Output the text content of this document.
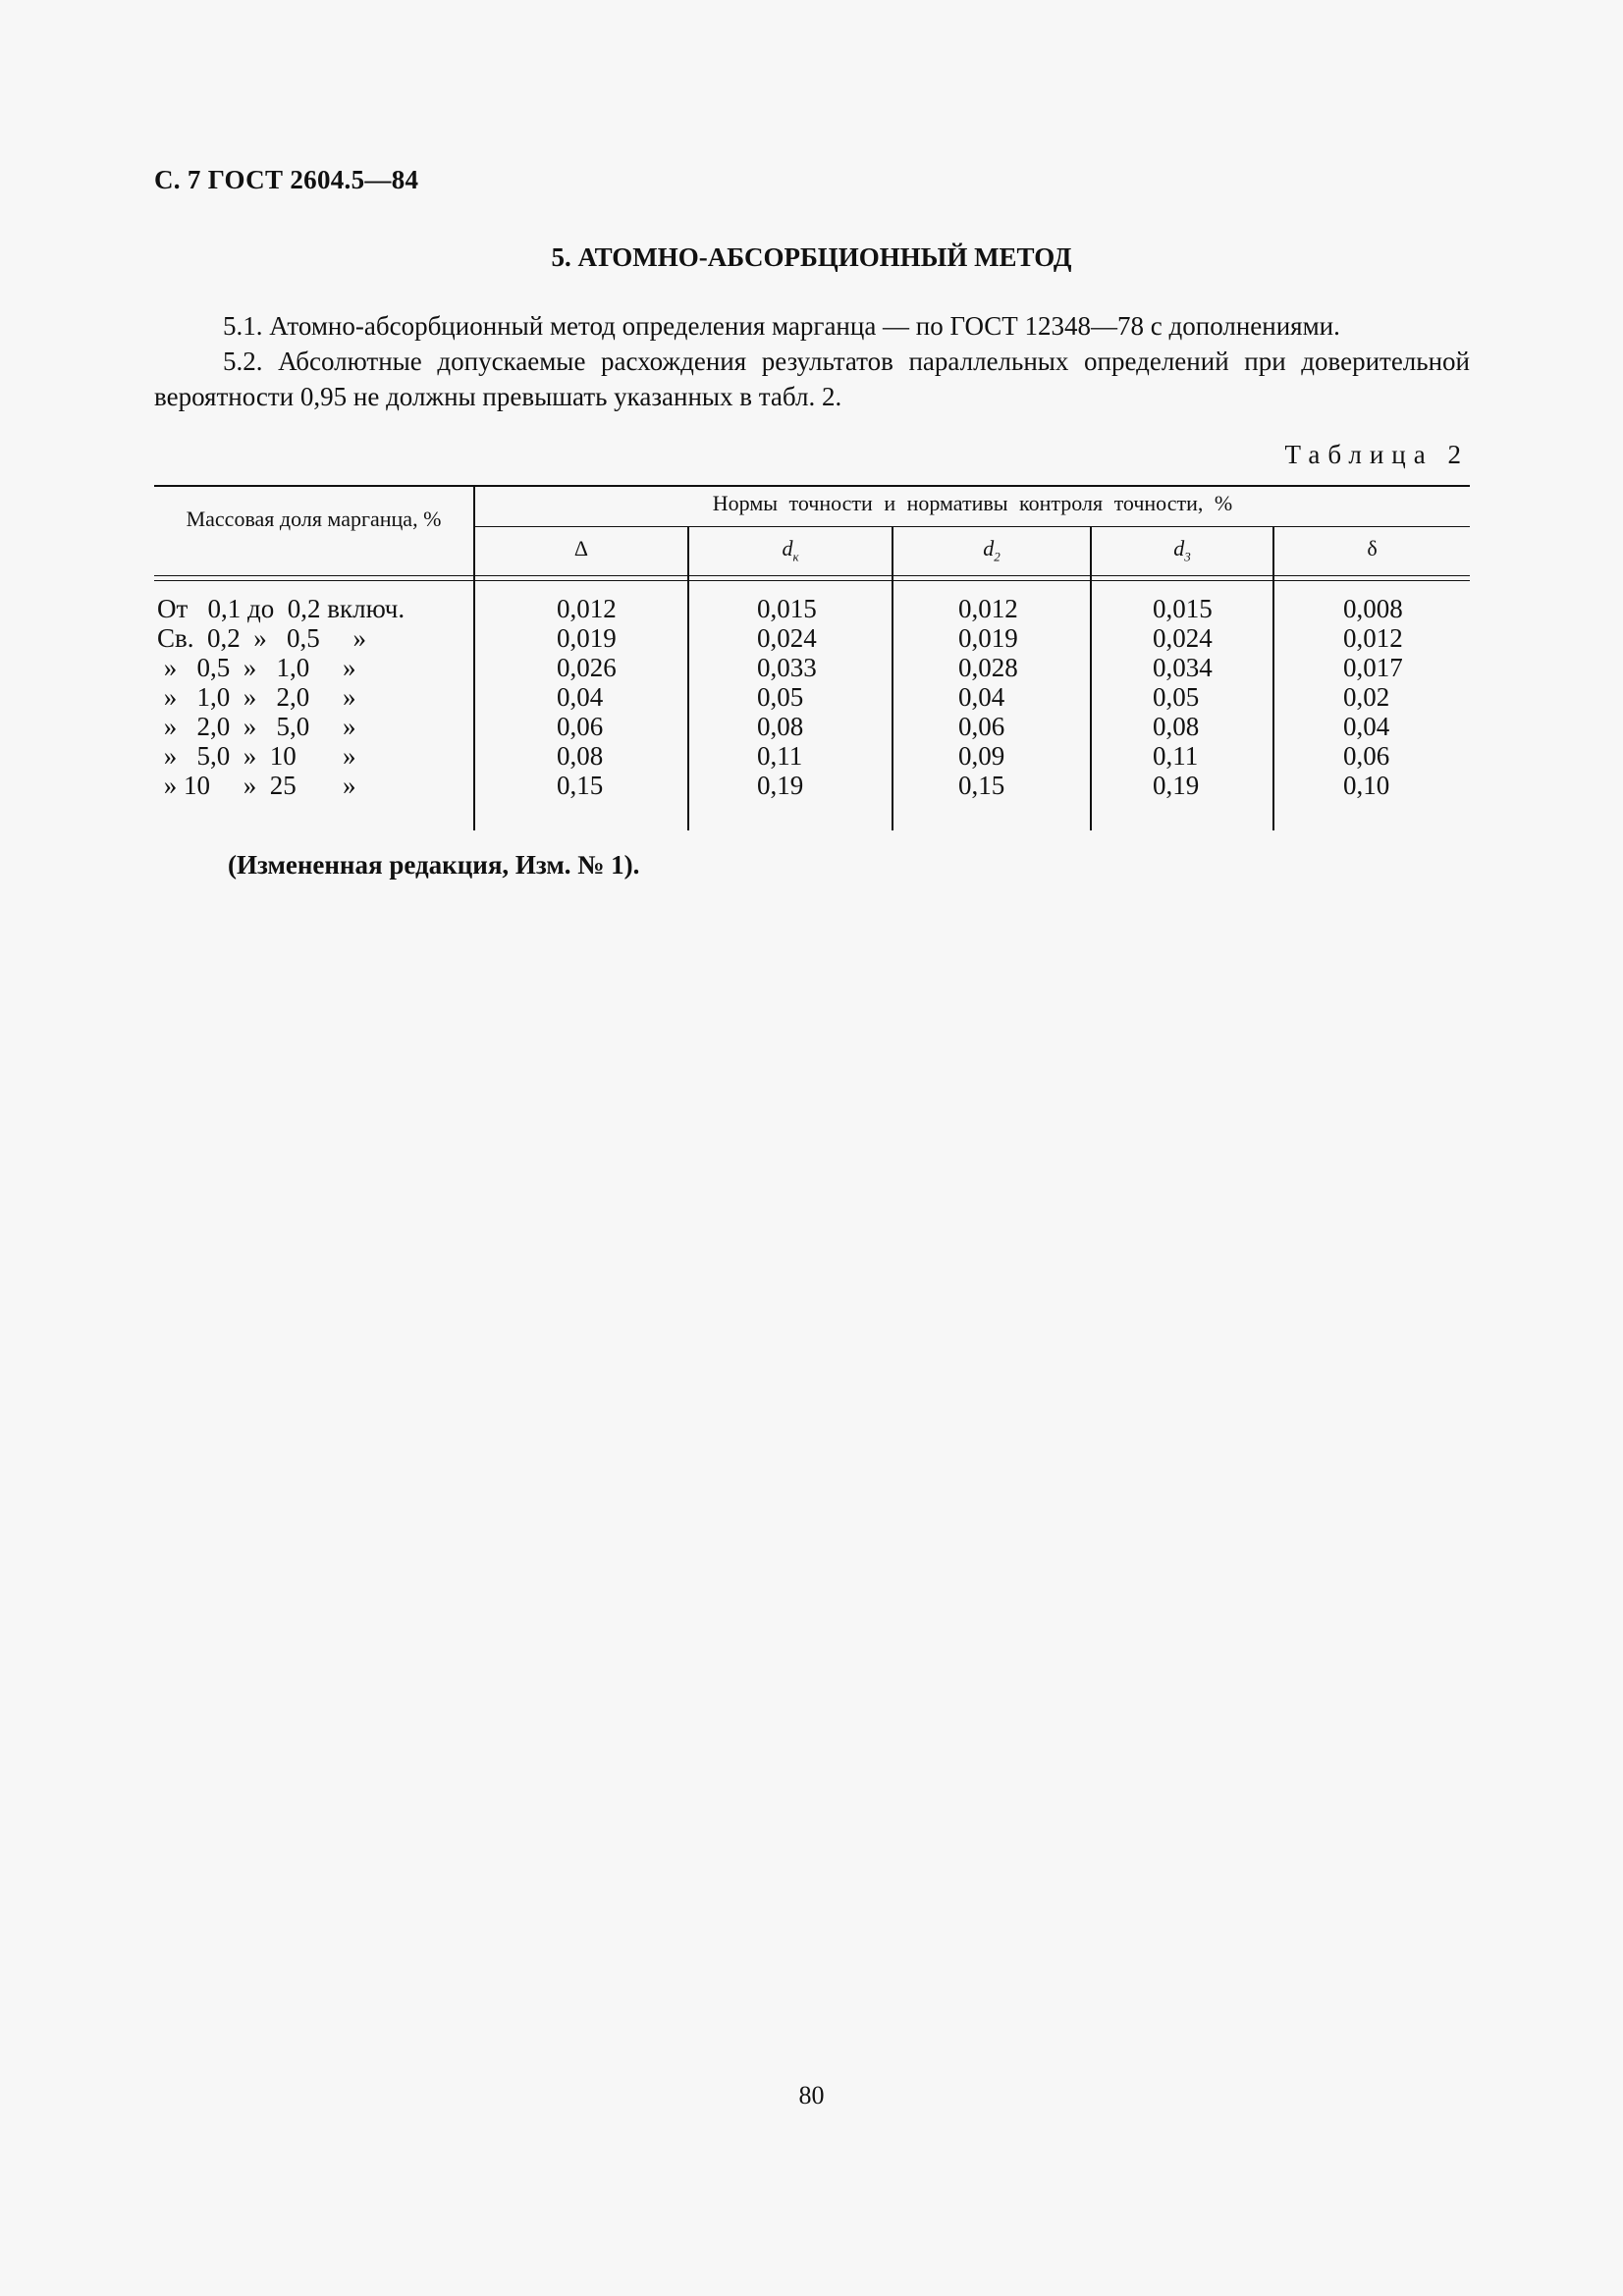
С. 7 ГОСТ 2604.5—84
5. АТОМНО-АБСОРБЦИОННЫЙ МЕТОД
5.1. Атомно-абсорбционный метод определения марганца — по ГОСТ 12348—78 с дополнениями.
5.2. Абсолютные допускаемые расхождения результатов параллельных определений при доверительной вероятности 0,95 не должны превышать указанных в табл. 2.
Таблица 2
Массовая доля марганца, %
Нормы точности и нормативы контроля точности, %
Δ	$d_к$	$d_2$	$d_3$	δ
От   0,1 до  0,2 включ.	0,012	0,015	0,012	0,015	0,008
Св.  0,2  »   0,5     »	0,019	0,024	0,019	0,024	0,012
»   0,5  »   1,0     »	0,026	0,033	0,028	0,034	0,017
»   1,0  »   2,0     »	0,04	0,05	0,04	0,05	0,02
»   2,0  »   5,0     »	0,06	0,08	0,06	0,08	0,04
»   5,0  »  10       »	0,08	0,11	0,09	0,11	0,06
» 10     »  25       »	0,15	0,19	0,15	0,19	0,10
(Измененная редакция, Изм. № 1).
80
